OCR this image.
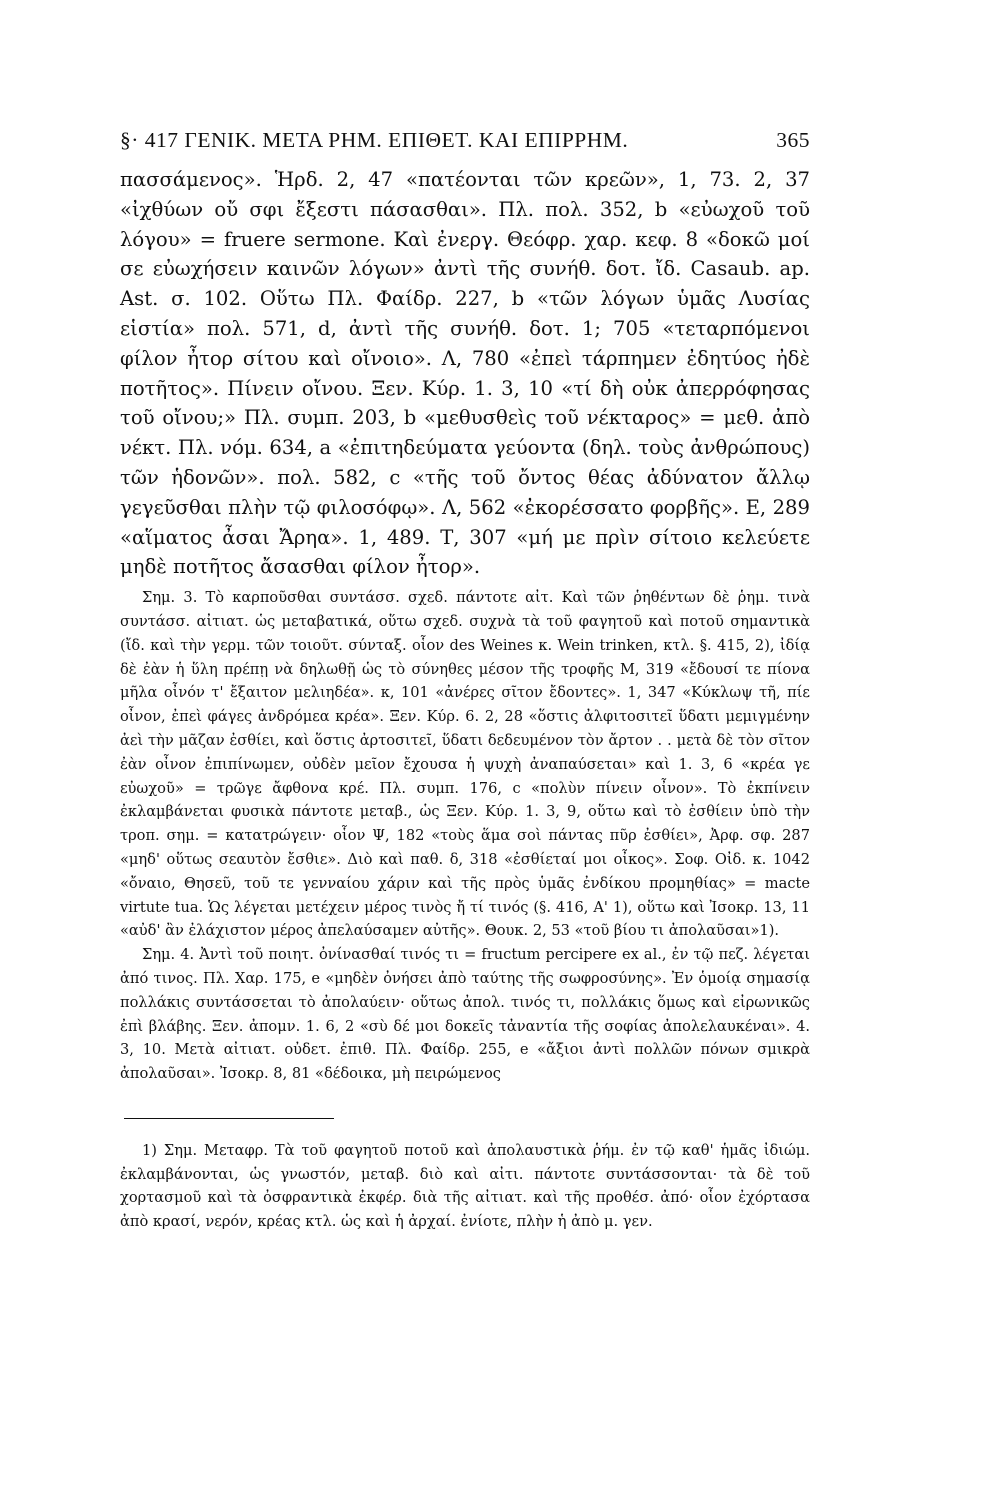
§· 417 ΓΕΝΙΚ. ΜΕΤΑ ΡΗΜ. ΕΠΙΘΕΤ. ΚΑΙ ΕΠΙΡΡΗΜ.	365

πασσάμενος». Ἡρδ. 2, 47 «πατέονται τῶν κρεῶν», 1, 73. 2, 37 «ἰχθύων οὔ σφι ἔξεστι πάσασθαι». Πλ. πολ. 352, b «εὐωχοῦ τοῦ λόγου» = fruere sermone. Καὶ ἐνεργ. Θεόφρ. χαρ. κεφ. 8 «δοκῶ μοί σε εὐωχήσειν καινῶν λόγων» ἀντὶ τῆς συνήθ. δοτ. ἴδ. Casaub. ap. Ast. σ. 102. Οὕτω Πλ. Φαίδρ. 227, b «τῶν λόγων ὑμᾶς Λυσίας εἱστία» πολ. 571, d, ἀντὶ τῆς συνήθ. δοτ. 1; 705 «τεταρπόμενοι φίλον ἦτορ σίτου καὶ οἴνοιο». Λ, 780 «ἐπεὶ τάρπημεν ἐδητύος ἠδὲ ποτῆτος». Πίνειν οἴνου. Ξεν. Κύρ. 1. 3, 10 «τί δὴ οὐκ ἀπερρόφησας τοῦ οἴνου;» Πλ. συμπ. 203, b «μεθυσθεὶς τοῦ νέκταρος» = μεθ. ἀπὸ νέκτ. Πλ. νόμ. 634, a «ἐπιτηδεύματα γεύοντα (δηλ. τοὺς ἀνθρώπους) τῶν ἡδονῶν». πολ. 582, c «τῆς τοῦ ὄντος θέας ἀδύνατον ἄλλῳ γεγεῦσθαι πλὴν τῷ φιλοσόφῳ». Λ, 562 «ἐκορέσσατο φορβῆς». Ε, 289 «αἵματος ἆσαι Ἄρηα». 1, 489. Τ, 307 «μή με πρὶν σίτοιο κελεύετε μηδὲ ποτῆτος ἄσασθαι φίλον ἦτορ».

Σημ. 3. Τὸ καρποῦσθαι συντάσσ. σχεδ. πάντοτε αἰτ. Καὶ τῶν ῥηθέντων δὲ ῥημ. τινὰ συντάσσ. αἰτιατ. ὡς μεταβατικά, οὕτω σχεδ. συχνὰ τὰ τοῦ φαγητοῦ καὶ ποτοῦ σημαντικὰ (ἴδ. καὶ τὴν γερμ. τῶν τοιοῦτ. σύνταξ. οἷον des Weines κ. Wein trinken, κτλ. §. 415, 2), ἰδίᾳ δὲ ἐὰν ἡ ὕλη πρέπῃ νὰ δηλωθῇ ὡς τὸ σύνηθες μέσον τῆς τροφῆς Μ, 319 «ἔδουσί τε πίονα μῆλα οἶνόν τ' ἔξαιτον μελιηδέα». κ, 101 «ἀνέρες σῖτον ἔδοντες». 1, 347 «Κύκλωψ τῆ, πίε οἶνον, ἐπεὶ φάγες ἀνδρόμεα κρέα». Ξεν. Κύρ. 6. 2, 28 «ὅστις ἀλφιτοσιτεῖ ὕδατι μεμιγμένην ἀεὶ τὴν μᾶζαν ἐσθίει, καὶ ὅστις ἀρτοσιτεῖ, ὕδατι δεδευμένον τὸν ἄρτον . . μετὰ δὲ τὸν σῖτον ἐὰν οἶνον ἐπιπίνωμεν, οὐδὲν μεῖον ἔχουσα ἡ ψυχὴ ἀναπαύσεται» καὶ 1. 3, 6 «κρέα γε εὐωχοῦ» = τρῶγε ἄφθονα κρέ. Πλ. συμπ. 176, c «πολὺν πίνειν οἶνον». Τὸ ἐκπίνειν ἐκλαμβάνεται φυσικὰ πάντοτε μεταβ., ὡς Ξεν. Κύρ. 1. 3, 9, οὕτω καὶ τὸ ἐσθίειν ὑπὸ τὴν τροπ. σημ. = κατατρώγειν· οἷον Ψ, 182 «τοὺς ἅμα σοὶ πάντας πῦρ ἐσθίει», Ἀρφ. σφ. 287 «μηδ' οὕτως σεαυτὸν ἔσθιε». Διὸ καὶ παθ. δ, 318 «ἐσθίεταί μοι οἶκος». Σοφ. Οἰδ. κ. 1042 «ὄναιο, Θησεῦ, τοῦ τε γενναίου χάριν καὶ τῆς πρὸς ὑμᾶς ἐνδίκου προμηθίας» = macte virtute tua. Ὡς λέγεται μετέχειν μέρος τινὸς ἤ τί τινός (§. 416, Α' 1), οὕτω καὶ Ἰσοκρ. 13, 11 «αὐδ' ἂν ἐλάχιστον μέρος ἀπελαύσαμεν αὐτῆς». Θουκ. 2, 53 «τοῦ βίου τι ἀπολαῦσαι»1).

Σημ. 4. Ἀντὶ τοῦ ποιητ. ὀνίνασθαί τινός τι = fructum percipere ex al., ἐν τῷ πεζ. λέγεται ἀπό τινος. Πλ. Χαρ. 175, e «μηδὲν ὀνήσει ἀπὸ ταύτης τῆς σωφροσύνης». Ἐν ὁμοίᾳ σημασίᾳ πολλάκις συντάσσεται τὸ ἀπολαύειν· οὕτως ἀπολ. τινός τι, πολλάκις ὅμως καὶ εἰρωνικῶς ἐπὶ βλάβης. Ξεν. ἀπομν. 1. 6, 2 «σὺ δέ μοι δοκεῖς τἀναντία τῆς σοφίας ἀπολελαυκέναι». 4. 3, 10. Μετὰ αἰτιατ. οὐδετ. ἐπιθ. Πλ. Φαίδρ. 255, e «ἄξιοι ἀντὶ πολλῶν πόνων σμικρὰ ἀπολαῦσαι». Ἰσοκρ. 8, 81 «δέδοικα, μὴ πειρώμενος

1) Σημ. Μεταφρ. Τὰ τοῦ φαγητοῦ ποτοῦ καὶ ἀπολαυστικὰ ῥήμ. ἐν τῷ καθ' ἡμᾶς ἰδιώμ. ἐκλαμβάνονται, ὡς γνωστόν, μεταβ. διὸ καὶ αἰτι. πάντοτε συντάσσονται· τὰ δὲ τοῦ χορτασμοῦ καὶ τὰ ὀσφραντικὰ ἐκφέρ. διὰ τῆς αἰτιατ. καὶ τῆς προθέσ. ἀπό· οἷον ἐχόρτασα ἀπὸ κρασί, νερόν, κρέας κτλ. ὡς καὶ ἡ ἀρχαί. ἐνίοτε, πλὴν ἡ ἀπὸ μ. γεν.
